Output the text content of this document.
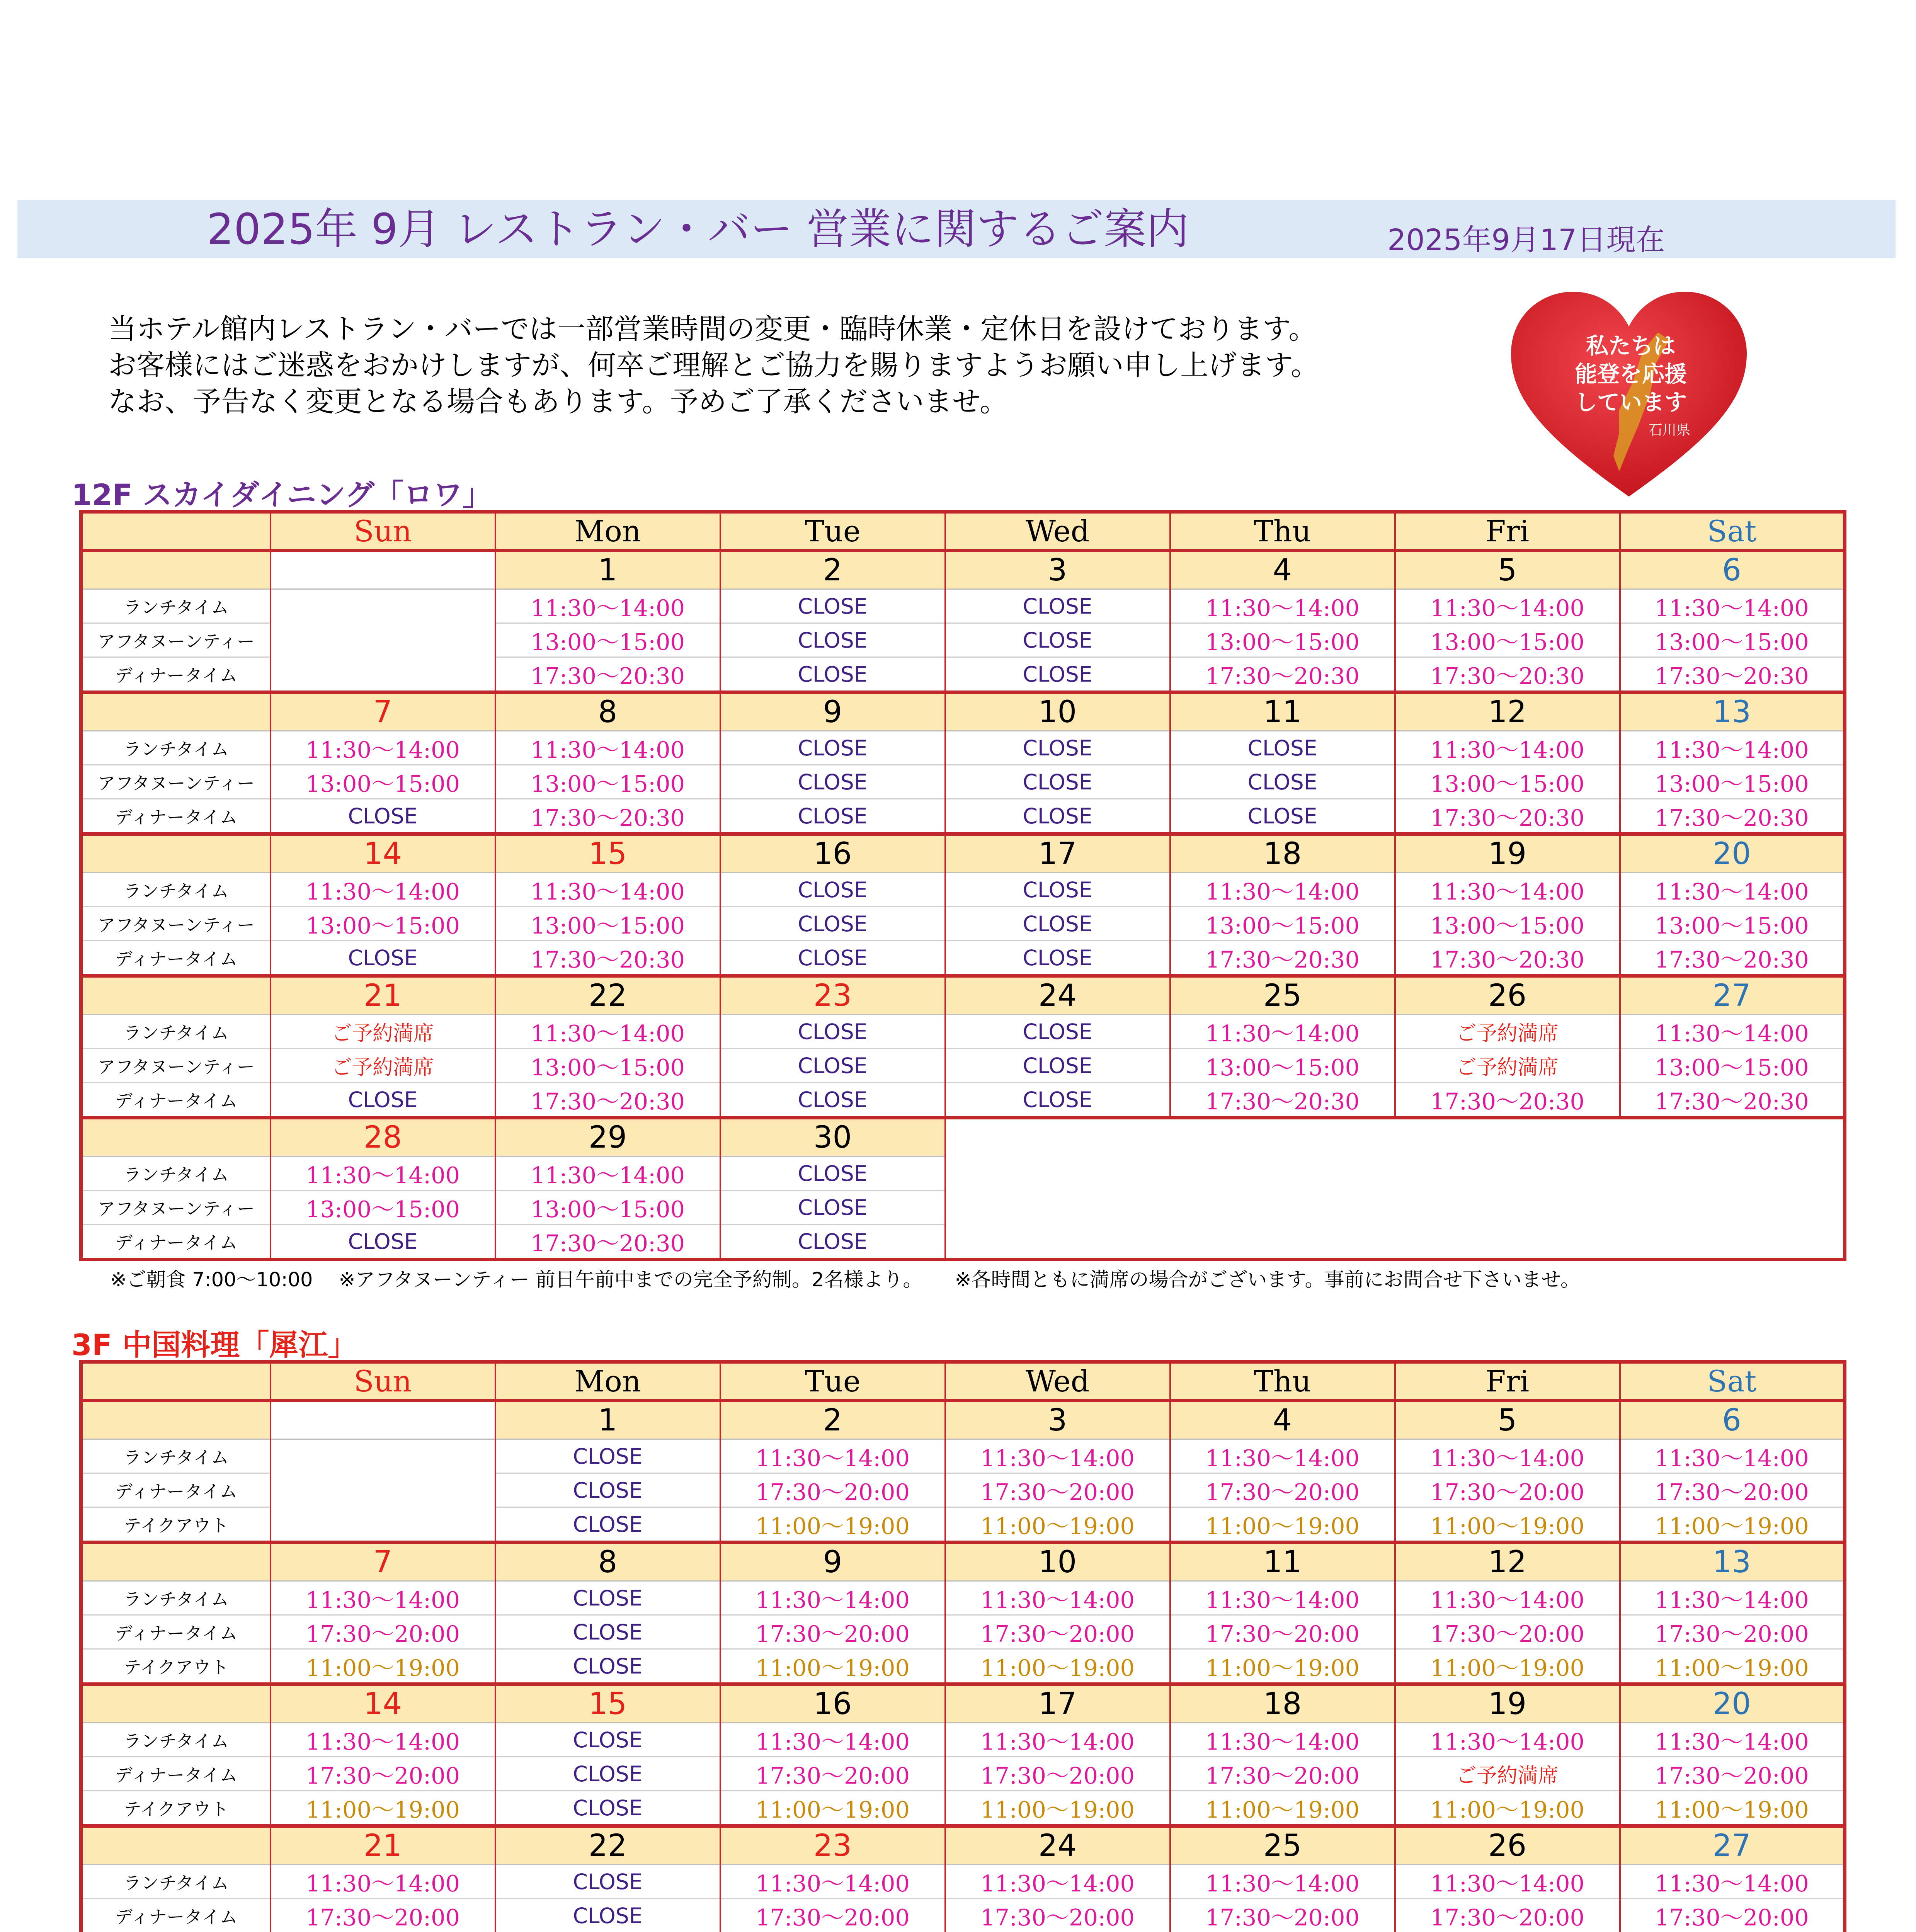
2025年 9月 レストラン・バー 営業に関するご案内	2025年9月17日現在
当ホテル館内レストラン・バーでは一部営業時間の変更・臨時休業・定休日を設けております。
お客様にはご迷惑をおかけしますが、何卒ご理解とご協力を賜りますようお願い申し上げます。
なお、予告なく変更となる場合もあります。予めご了承くださいませ。
私たちは
能登を応援
しています
石川県
12F スカイダイニング「ロワ」
	Sun	Mon	Tue	Wed	Thu	Fri	Sat
		1	2	3	4	5	6
ランチタイム		11:30～14:00	CLOSE	CLOSE	11:30～14:00	11:30～14:00	11:30～14:00
アフタヌーンティー		13:00～15:00	CLOSE	CLOSE	13:00～15:00	13:00～15:00	13:00～15:00
ディナータイム		17:30～20:30	CLOSE	CLOSE	17:30～20:30	17:30～20:30	17:30～20:30
	7	8	9	10	11	12	13
ランチタイム	11:30～14:00	11:30～14:00	CLOSE	CLOSE	CLOSE	11:30～14:00	11:30～14:00
アフタヌーンティー	13:00～15:00	13:00～15:00	CLOSE	CLOSE	CLOSE	13:00～15:00	13:00～15:00
ディナータイム	CLOSE	17:30～20:30	CLOSE	CLOSE	CLOSE	17:30～20:30	17:30～20:30
	14	15	16	17	18	19	20
ランチタイム	11:30～14:00	11:30～14:00	CLOSE	CLOSE	11:30～14:00	11:30～14:00	11:30～14:00
アフタヌーンティー	13:00～15:00	13:00～15:00	CLOSE	CLOSE	13:00～15:00	13:00～15:00	13:00～15:00
ディナータイム	CLOSE	17:30～20:30	CLOSE	CLOSE	17:30～20:30	17:30～20:30	17:30～20:30
	21	22	23	24	25	26	27
ランチタイム	ご予約満席	11:30～14:00	CLOSE	CLOSE	11:30～14:00	ご予約満席	11:30～14:00
アフタヌーンティー	ご予約満席	13:00～15:00	CLOSE	CLOSE	13:00～15:00	ご予約満席	13:00～15:00
ディナータイム	CLOSE	17:30～20:30	CLOSE	CLOSE	17:30～20:30	17:30～20:30	17:30～20:30
	28	29	30				
ランチタイム	11:30～14:00	11:30～14:00	CLOSE				
アフタヌーンティー	13:00～15:00	13:00～15:00	CLOSE				
ディナータイム	CLOSE	17:30～20:30	CLOSE				
※ご朝食 7:00～10:00　 ※アフタヌーンティー 前日午前中までの完全予約制。2名様より。 　 ※各時間ともに満席の場合がございます。事前にお問合せ下さいませ。
3F 中国料理「犀江」
	Sun	Mon	Tue	Wed	Thu	Fri	Sat
		1	2	3	4	5	6
ランチタイム		CLOSE	11:30～14:00	11:30～14:00	11:30～14:00	11:30～14:00	11:30～14:00
ディナータイム		CLOSE	17:30～20:00	17:30～20:00	17:30～20:00	17:30～20:00	17:30～20:00
テイクアウト		CLOSE	11:00～19:00	11:00～19:00	11:00～19:00	11:00～19:00	11:00～19:00
	7	8	9	10	11	12	13
ランチタイム	11:30～14:00	CLOSE	11:30～14:00	11:30～14:00	11:30～14:00	11:30～14:00	11:30～14:00
ディナータイム	17:30～20:00	CLOSE	17:30～20:00	17:30～20:00	17:30～20:00	17:30～20:00	17:30～20:00
テイクアウト	11:00～19:00	CLOSE	11:00～19:00	11:00～19:00	11:00～19:00	11:00～19:00	11:00～19:00
	14	15	16	17	18	19	20
ランチタイム	11:30～14:00	CLOSE	11:30～14:00	11:30～14:00	11:30～14:00	11:30～14:00	11:30～14:00
ディナータイム	17:30～20:00	CLOSE	17:30～20:00	17:30～20:00	17:30～20:00	ご予約満席	17:30～20:00
テイクアウト	11:00～19:00	CLOSE	11:00～19:00	11:00～19:00	11:00～19:00	11:00～19:00	11:00～19:00
	21	22	23	24	25	26	27
ランチタイム	11:30～14:00	CLOSE	11:30～14:00	11:30～14:00	11:30～14:00	11:30～14:00	11:30～14:00
ディナータイム	17:30～20:00	CLOSE	17:30～20:00	17:30～20:00	17:30～20:00	17:30～20:00	17:30～20:00
